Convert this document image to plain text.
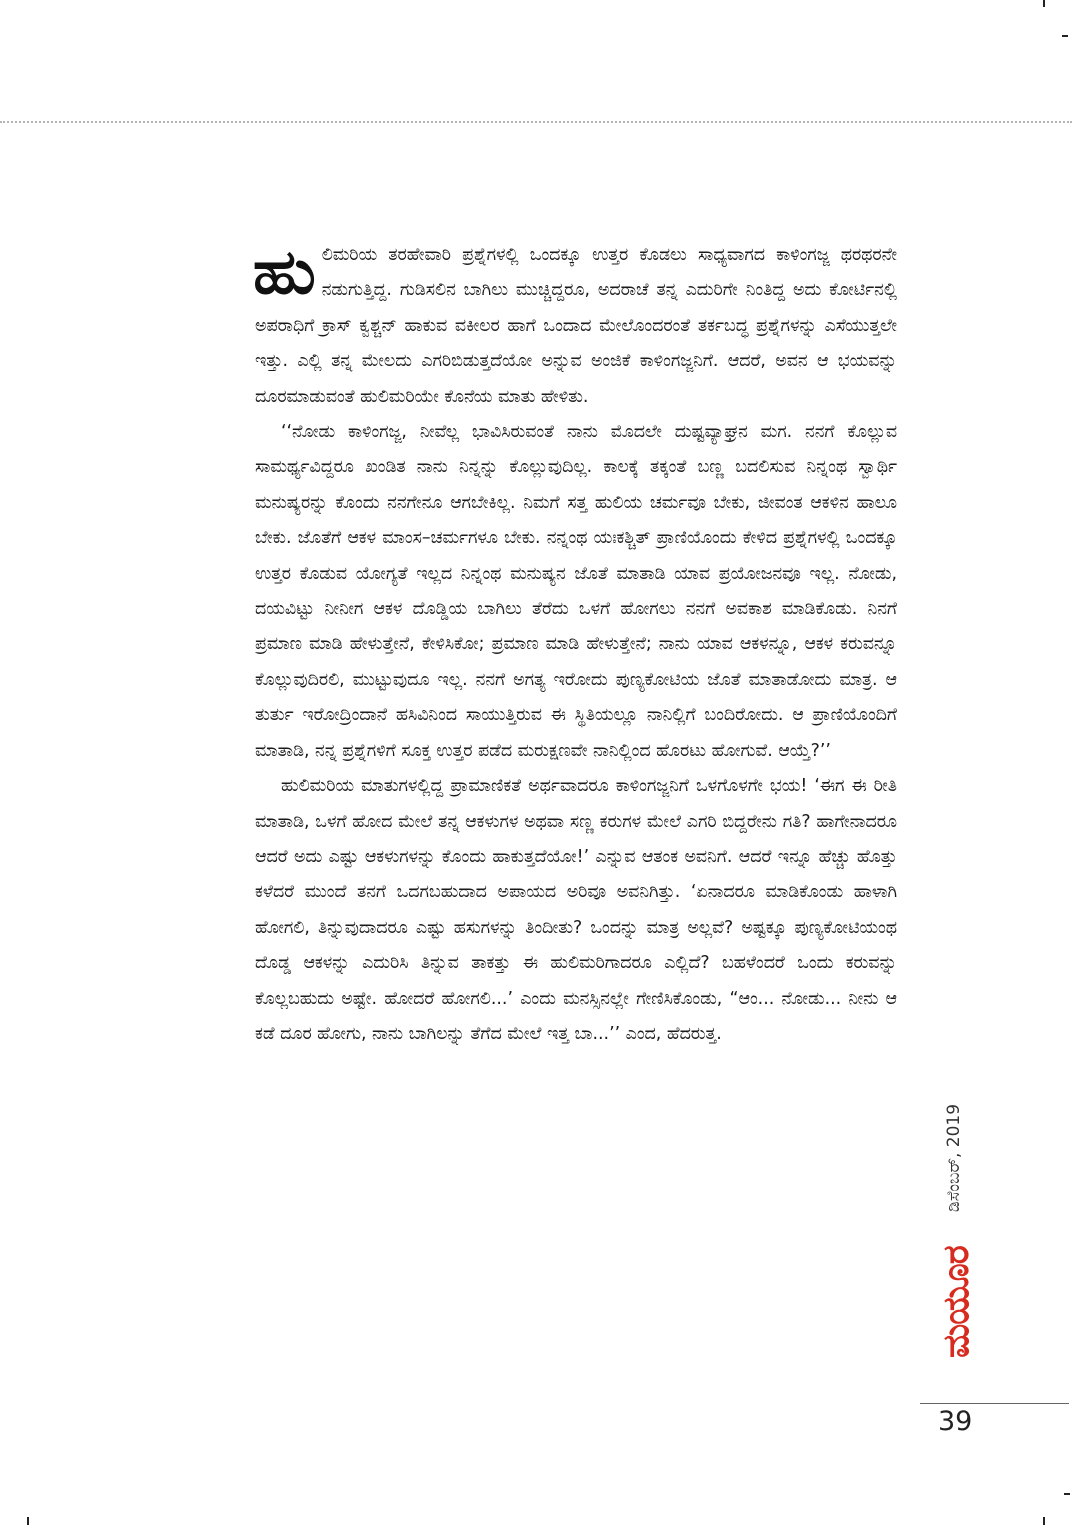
ಹುಲಿಮರಿಯ ತರಹೇವಾರಿ ಪ್ರಶ್ನೆಗಳಲ್ಲಿ ಒಂದಕ್ಕೂ ಉತ್ತರ ಕೊಡಲು ಸಾಧ್ಯವಾಗದ ಕಾಳಿಂಗಜ್ಜ ಥರಥರನೇ ನಡುಗುತ್ತಿದ್ದ. ಗುಡಿಸಲಿನ ಬಾಗಿಲು ಮುಚ್ಚಿದ್ದರೂ, ಅದರಾಚೆ ತನ್ನ ಎದುರಿಗೇ ನಿಂತಿದ್ದ ಅದು ಕೋರ್ಟಿನಲ್ಲಿ ಅಪರಾಧಿಗೆ ಕ್ರಾಸ್ ಕ್ವಶ್ಚನ್ ಹಾಕುವ ವಕೀಲರ ಹಾಗೆ ಒಂದಾದ ಮೇಲೊಂದರಂತೆ ತರ್ಕಬದ್ಧ ಪ್ರಶ್ನೆಗಳನ್ನು ಎಸೆಯುತ್ತಲೇ ಇತ್ತು. ಎಲ್ಲಿ ತನ್ನ ಮೇಲದು ಎಗರಿಬಿಡುತ್ತದೆಯೋ ಅನ್ನುವ ಅಂಜಿಕೆ ಕಾಳಿಂಗಜ್ಜನಿಗೆ. ಆದರೆ, ಅವನ ಆ ಭಯವನ್ನು ದೂರಮಾಡುವಂತೆ ಹುಲಿಮರಿಯೇ ಕೊನೆಯ ಮಾತು ಹೇಳಿತು.

‘‘ನೋಡು ಕಾಳಿಂಗಜ್ಜ, ನೀವೆಲ್ಲ ಭಾವಿಸಿರುವಂತೆ ನಾನು ಮೊದಲೇ ದುಷ್ಟವ್ಯಾಘ್ರನ ಮಗ. ನನಗೆ ಕೊಲ್ಲುವ ಸಾಮರ್ಥ್ಯವಿದ್ದರೂ ಖಂಡಿತ ನಾನು ನಿನ್ನನ್ನು ಕೊಲ್ಲುವುದಿಲ್ಲ. ಕಾಲಕ್ಕೆ ತಕ್ಕಂತೆ ಬಣ್ಣ ಬದಲಿಸುವ ನಿನ್ನಂಥ ಸ್ವಾರ್ಥಿ ಮನುಷ್ಯರನ್ನು ಕೊಂದು ನನಗೇನೂ ಆಗಬೇಕಿಲ್ಲ. ನಿಮಗೆ ಸತ್ತ ಹುಲಿಯ ಚರ್ಮವೂ ಬೇಕು, ಜೀವಂತ ಆಕಳಿನ ಹಾಲೂ ಬೇಕು. ಜೊತೆಗೆ ಆಕಳ ಮಾಂಸ–ಚರ್ಮಗಳೂ ಬೇಕು. ನನ್ನಂಥ ಯಃಕಶ್ಚಿತ್ ಪ್ರಾಣಿಯೊಂದು ಕೇಳಿದ ಪ್ರಶ್ನೆಗಳಲ್ಲಿ ಒಂದಕ್ಕೂ ಉತ್ತರ ಕೊಡುವ ಯೋಗ್ಯತೆ ಇಲ್ಲದ ನಿನ್ನಂಥ ಮನುಷ್ಯನ ಜೊತೆ ಮಾತಾಡಿ ಯಾವ ಪ್ರಯೋಜನವೂ ಇಲ್ಲ. ನೋಡು, ದಯವಿಟ್ಟು ನೀನೀಗ ಆಕಳ ದೊಡ್ಡಿಯ ಬಾಗಿಲು ತೆರೆದು ಒಳಗೆ ಹೋಗಲು ನನಗೆ ಅವಕಾಶ ಮಾಡಿಕೊಡು. ನಿನಗೆ ಪ್ರಮಾಣ ಮಾಡಿ ಹೇಳುತ್ತೇನೆ, ಕೇಳಿಸಿಕೋ; ಪ್ರಮಾಣ ಮಾಡಿ ಹೇಳುತ್ತೇನೆ; ನಾನು ಯಾವ ಆಕಳನ್ನೂ, ಆಕಳ ಕರುವನ್ನೂ ಕೊಲ್ಲುವುದಿರಲಿ, ಮುಟ್ಟುವುದೂ ಇಲ್ಲ. ನನಗೆ ಅಗತ್ಯ ಇರೋದು ಪುಣ್ಯಕೋಟಿಯ ಜೊತೆ ಮಾತಾಡೋದು ಮಾತ್ರ. ಆ ತುರ್ತು ಇರೋದ್ರಿಂದಾನೆ ಹಸಿವಿನಿಂದ ಸಾಯುತ್ತಿರುವ ಈ ಸ್ಥಿತಿಯಲ್ಲೂ ನಾನಿಲ್ಲಿಗೆ ಬಂದಿರೋದು. ಆ ಪ್ರಾಣಿಯೊಂದಿಗೆ ಮಾತಾಡಿ, ನನ್ನ ಪ್ರಶ್ನೆಗಳಿಗೆ ಸೂಕ್ತ ಉತ್ತರ ಪಡೆದ ಮರುಕ್ಷಣವೇ ನಾನಿಲ್ಲಿಂದ ಹೊರಟು ಹೋಗುವೆ. ಆಯ್ತೆ?’’

ಹುಲಿಮರಿಯ ಮಾತುಗಳಲ್ಲಿದ್ದ ಪ್ರಾಮಾಣಿಕತೆ ಅರ್ಥವಾದರೂ ಕಾಳಿಂಗಜ್ಜನಿಗೆ ಒಳಗೊಳಗೇ ಭಯ! ‘ಈಗ ಈ ರೀತಿ ಮಾತಾಡಿ, ಒಳಗೆ ಹೋದ ಮೇಲೆ ತನ್ನ ಆಕಳುಗಳ ಅಥವಾ ಸಣ್ಣ ಕರುಗಳ ಮೇಲೆ ಎಗರಿ ಬಿದ್ದರೇನು ಗತಿ? ಹಾಗೇನಾದರೂ ಆದರೆ ಅದು ಎಷ್ಟು ಆಕಳುಗಳನ್ನು ಕೊಂದು ಹಾಕುತ್ತದೆಯೋ!’ ಎನ್ನುವ ಆತಂಕ ಅವನಿಗೆ. ಆದರೆ ಇನ್ನೂ ಹೆಚ್ಚು ಹೊತ್ತು ಕಳೆದರೆ ಮುಂದೆ ತನಗೆ ಒದಗಬಹುದಾದ ಅಪಾಯದ ಅರಿವೂ ಅವನಿಗಿತ್ತು. ‘ಏನಾದರೂ ಮಾಡಿಕೊಂಡು ಹಾಳಾಗಿ ಹೋಗಲಿ, ತಿನ್ನುವುದಾದರೂ ಎಷ್ಟು ಹಸುಗಳನ್ನು ತಿಂದೀತು? ಒಂದನ್ನು ಮಾತ್ರ ಅಲ್ಲವೆ? ಅಷ್ಟಕ್ಕೂ ಪುಣ್ಯಕೋಟಿಯಂಥ ದೊಡ್ಡ ಆಕಳನ್ನು ಎದುರಿಸಿ ತಿನ್ನುವ ತಾಕತ್ತು ಈ ಹುಲಿಮರಿಗಾದರೂ ಎಲ್ಲಿದೆ? ಬಹಳೆಂದರೆ ಒಂದು ಕರುವನ್ನು ಕೊಲ್ಲಬಹುದು ಅಷ್ಟೇ. ಹೋದರೆ ಹೋಗಲಿ...’ ಎಂದು ಮನಸ್ಸಿನಲ್ಲೇ ಗೇಣಿಸಿಕೊಂಡು, “ಆಂ... ನೋಡು... ನೀನು ಆ ಕಡೆ ದೂರ ಹೋಗು, ನಾನು ಬಾಗಿಲನ್ನು ತೆಗೆದ ಮೇಲೆ ಇತ್ತ ಬಾ...’’ ಎಂದ, ಹೆದರುತ್ತ.

ಡಿಸೆಂಬರ್, 2019
ಮಯೂರ
39
